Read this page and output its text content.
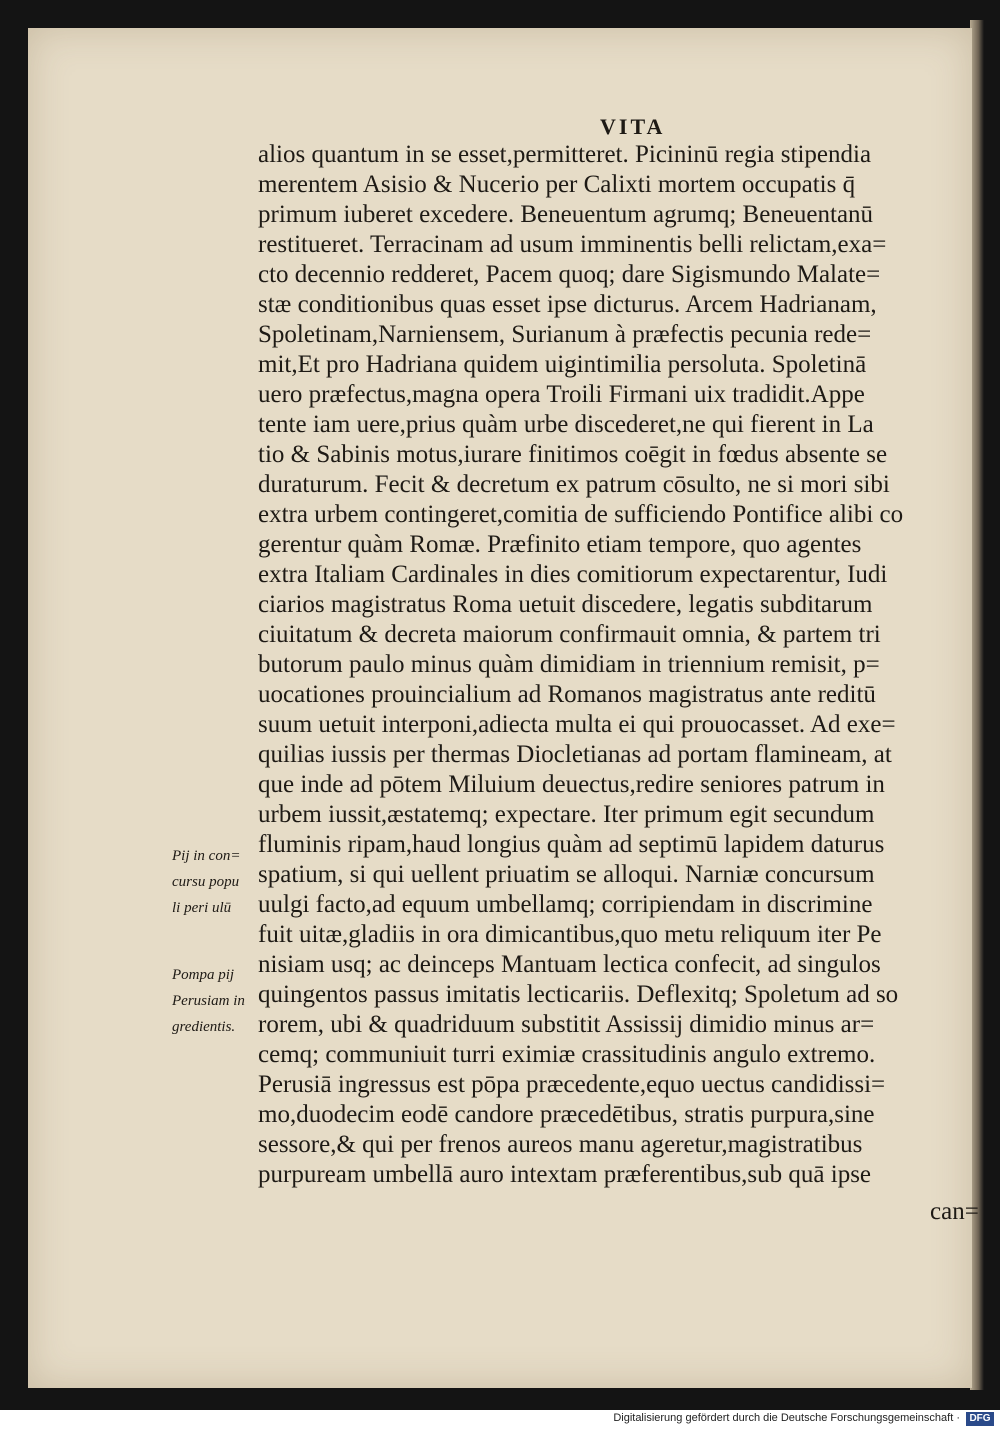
VITA
alios quantum in se esset,permitteret. Picininū regia stipendia
merentem Asisio & Nucerio per Calixti mortem occupatis q̄
primum iuberet excedere. Beneuentum agrumq; Beneuentanū
restitueret. Terracinam ad usum imminentis belli relictam,exa=
cto decennio redderet, Pacem quoq; dare Sigismundo Malate=
stæ conditionibus quas esset ipse dicturus. Arcem Hadrianam,
Spoletinam,Narniensem, Surianum à præfectis pecunia rede=
mit,Et pro Hadriana quidem uigintimilia persoluta. Spoletinā
uero præfectus,magna opera Troili Firmani uix tradidit.Appe
tente iam uere,prius quàm urbe discederet,ne qui fierent in La
tio & Sabinis motus,iurare finitimos coēgit in fœdus absente se
duraturum. Fecit & decretum ex patrum cōsulto, ne si mori sibi
extra urbem contingeret,comitia de sufficiendo Pontifice alibi co
gerentur quàm Romæ. Præfinito etiam tempore, quo agentes
extra Italiam Cardinales in dies comitiorum expectarentur, Iudi
ciarios magistratus Roma uetuit discedere, legatis subditarum
ciuitatum & decreta maiorum confirmauit omnia, & partem tri
butorum paulo minus quàm dimidiam in triennium remisit, p=
uocationes prouincialium ad Romanos magistratus ante reditū
suum uetuit interponi,adiecta multa ei qui prouocasset. Ad exe=
quilias iussis per thermas Diocletianas ad portam flamineam, at
que inde ad pōtem Miluium deuectus,redire seniores patrum in
urbem iussit,æstatemq; expectare. Iter primum egit secundum
fluminis ripam,haud longius quàm ad septimū lapidem daturus
spatium, si qui uellent priuatim se alloqui. Narniæ concursum
uulgi facto,ad equum umbellamq; corripiendam in discrimine
fuit uitæ,gladiis in ora dimicantibus,quo metu reliquum iter Pe
nisiam usq; ac deinceps Mantuam lectica confecit, ad singulos
quingentos passus imitatis lecticariis. Deflexitq; Spoletum ad so
rorem, ubi & quadriduum substitit Assissij dimidio minus ar=
cemq; communiuit turri eximiæ crassitudinis angulo extremo.
Perusiā ingressus est pōpa præcedente,equo uectus candidissi=
mo,duodecim eodē candore præcedētibus, stratis purpura,sine
sessore,& qui per frenos aureos manu ageretur,magistratibus
purpuream umbellā auro intextam præferentibus,sub quā ipse
Pij in con=
cursu popu
li peri ulū
Pompa pij
Perusiam in
gredientis.
can=
Digitalisierung gefördert durch die Deutsche Forschungsgemeinschaft · DFG
